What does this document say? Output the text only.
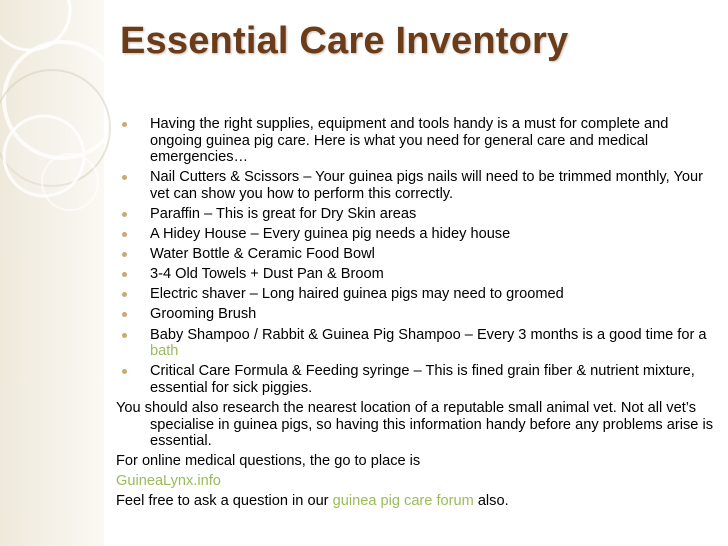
Essential Care Inventory
Having the right supplies, equipment and tools handy is a must for complete and ongoing guinea pig care. Here is what you need for general care and medical emergencies…
Nail Cutters & Scissors – Your guinea pigs nails will need to be trimmed monthly, Your vet can show you how to perform this correctly.
Paraffin – This is great for Dry Skin areas
A Hidey House – Every guinea pig needs a hidey house
Water Bottle & Ceramic Food Bowl
3-4 Old Towels + Dust Pan & Broom
Electric shaver – Long haired guinea pigs may need to groomed
Grooming Brush
Baby Shampoo / Rabbit & Guinea Pig Shampoo – Every 3 months is a good time for a bath
Critical Care Formula & Feeding syringe – This is fined grain fiber & nutrient mixture, essential for sick piggies.
You should also research the nearest location of a reputable small animal vet. Not all vet’s specialise in guinea pigs, so having this information handy before any problems arise is essential.
For online medical questions, the go to place is
GuineaLynx.info
Feel free to ask a question in our guinea pig care forum also.
